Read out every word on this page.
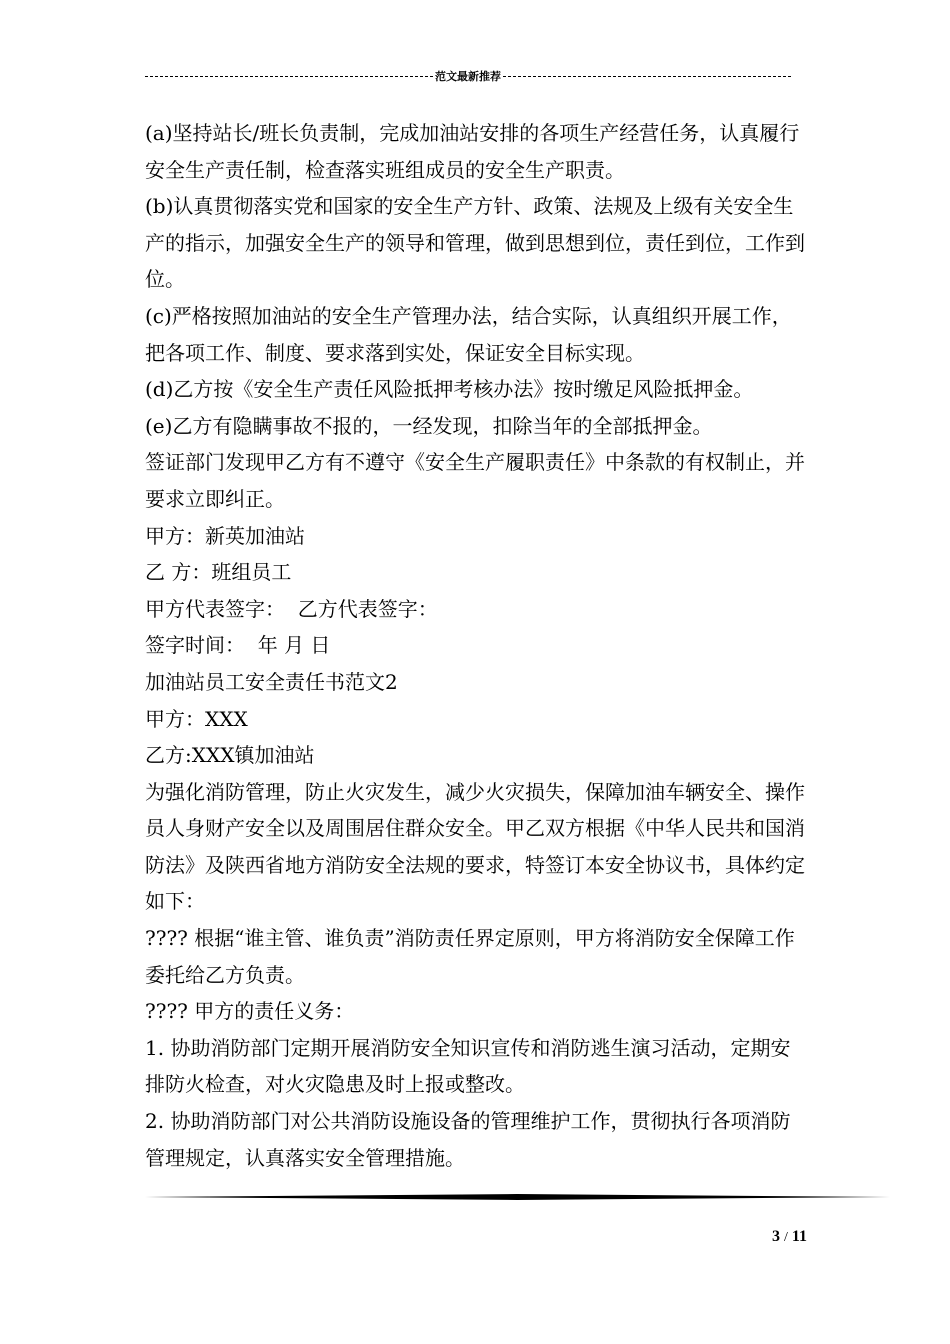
范文最新推荐

(a)坚持站长/班长负责制，完成加油站安排的各项生产经营任务，认真履行安全生产责任制，检查落实班组成员的安全生产职责。

(b)认真贯彻落实党和国家的安全生产方针、政策、法规及上级有关安全生产的指示，加强安全生产的领导和管理，做到思想到位，责任到位，工作到位。

(c)严格按照加油站的安全生产管理办法，结合实际，认真组织开展工作，把各项工作、制度、要求落到实处，保证安全目标实现。

(d)乙方按《安全生产责任风险抵押考核办法》按时缴足风险抵押金。

(e)乙方有隐瞒事故不报的，一经发现，扣除当年的全部抵押金。

签证部门发现甲乙方有不遵守《安全生产履职责任》中条款的有权制止，并要求立即纠正。

甲方：新英加油站

乙 方：班组员工

甲方代表签字：  乙方代表签字：

签字时间：  年 月 日

加油站员工安全责任书范文2

甲方：XXX

乙方:XXX镇加油站

为强化消防管理，防止火灾发生，减少火灾损失，保障加油车辆安全、操作员人身财产安全以及周围居住群众安全。甲乙双方根据《中华人民共和国消防法》及陕西省地方消防安全法规的要求，特签订本安全协议书，具体约定如下：

???? 根据“谁主管、谁负责”消防责任界定原则，甲方将消防安全保障工作委托给乙方负责。

???? 甲方的责任义务：

1. 协助消防部门定期开展消防安全知识宣传和消防逃生演习活动，定期安排防火检查，对火灾隐患及时上报或整改。

2. 协助消防部门对公共消防设施设备的管理维护工作，贯彻执行各项消防管理规定，认真落实安全管理措施。

3 / 11
